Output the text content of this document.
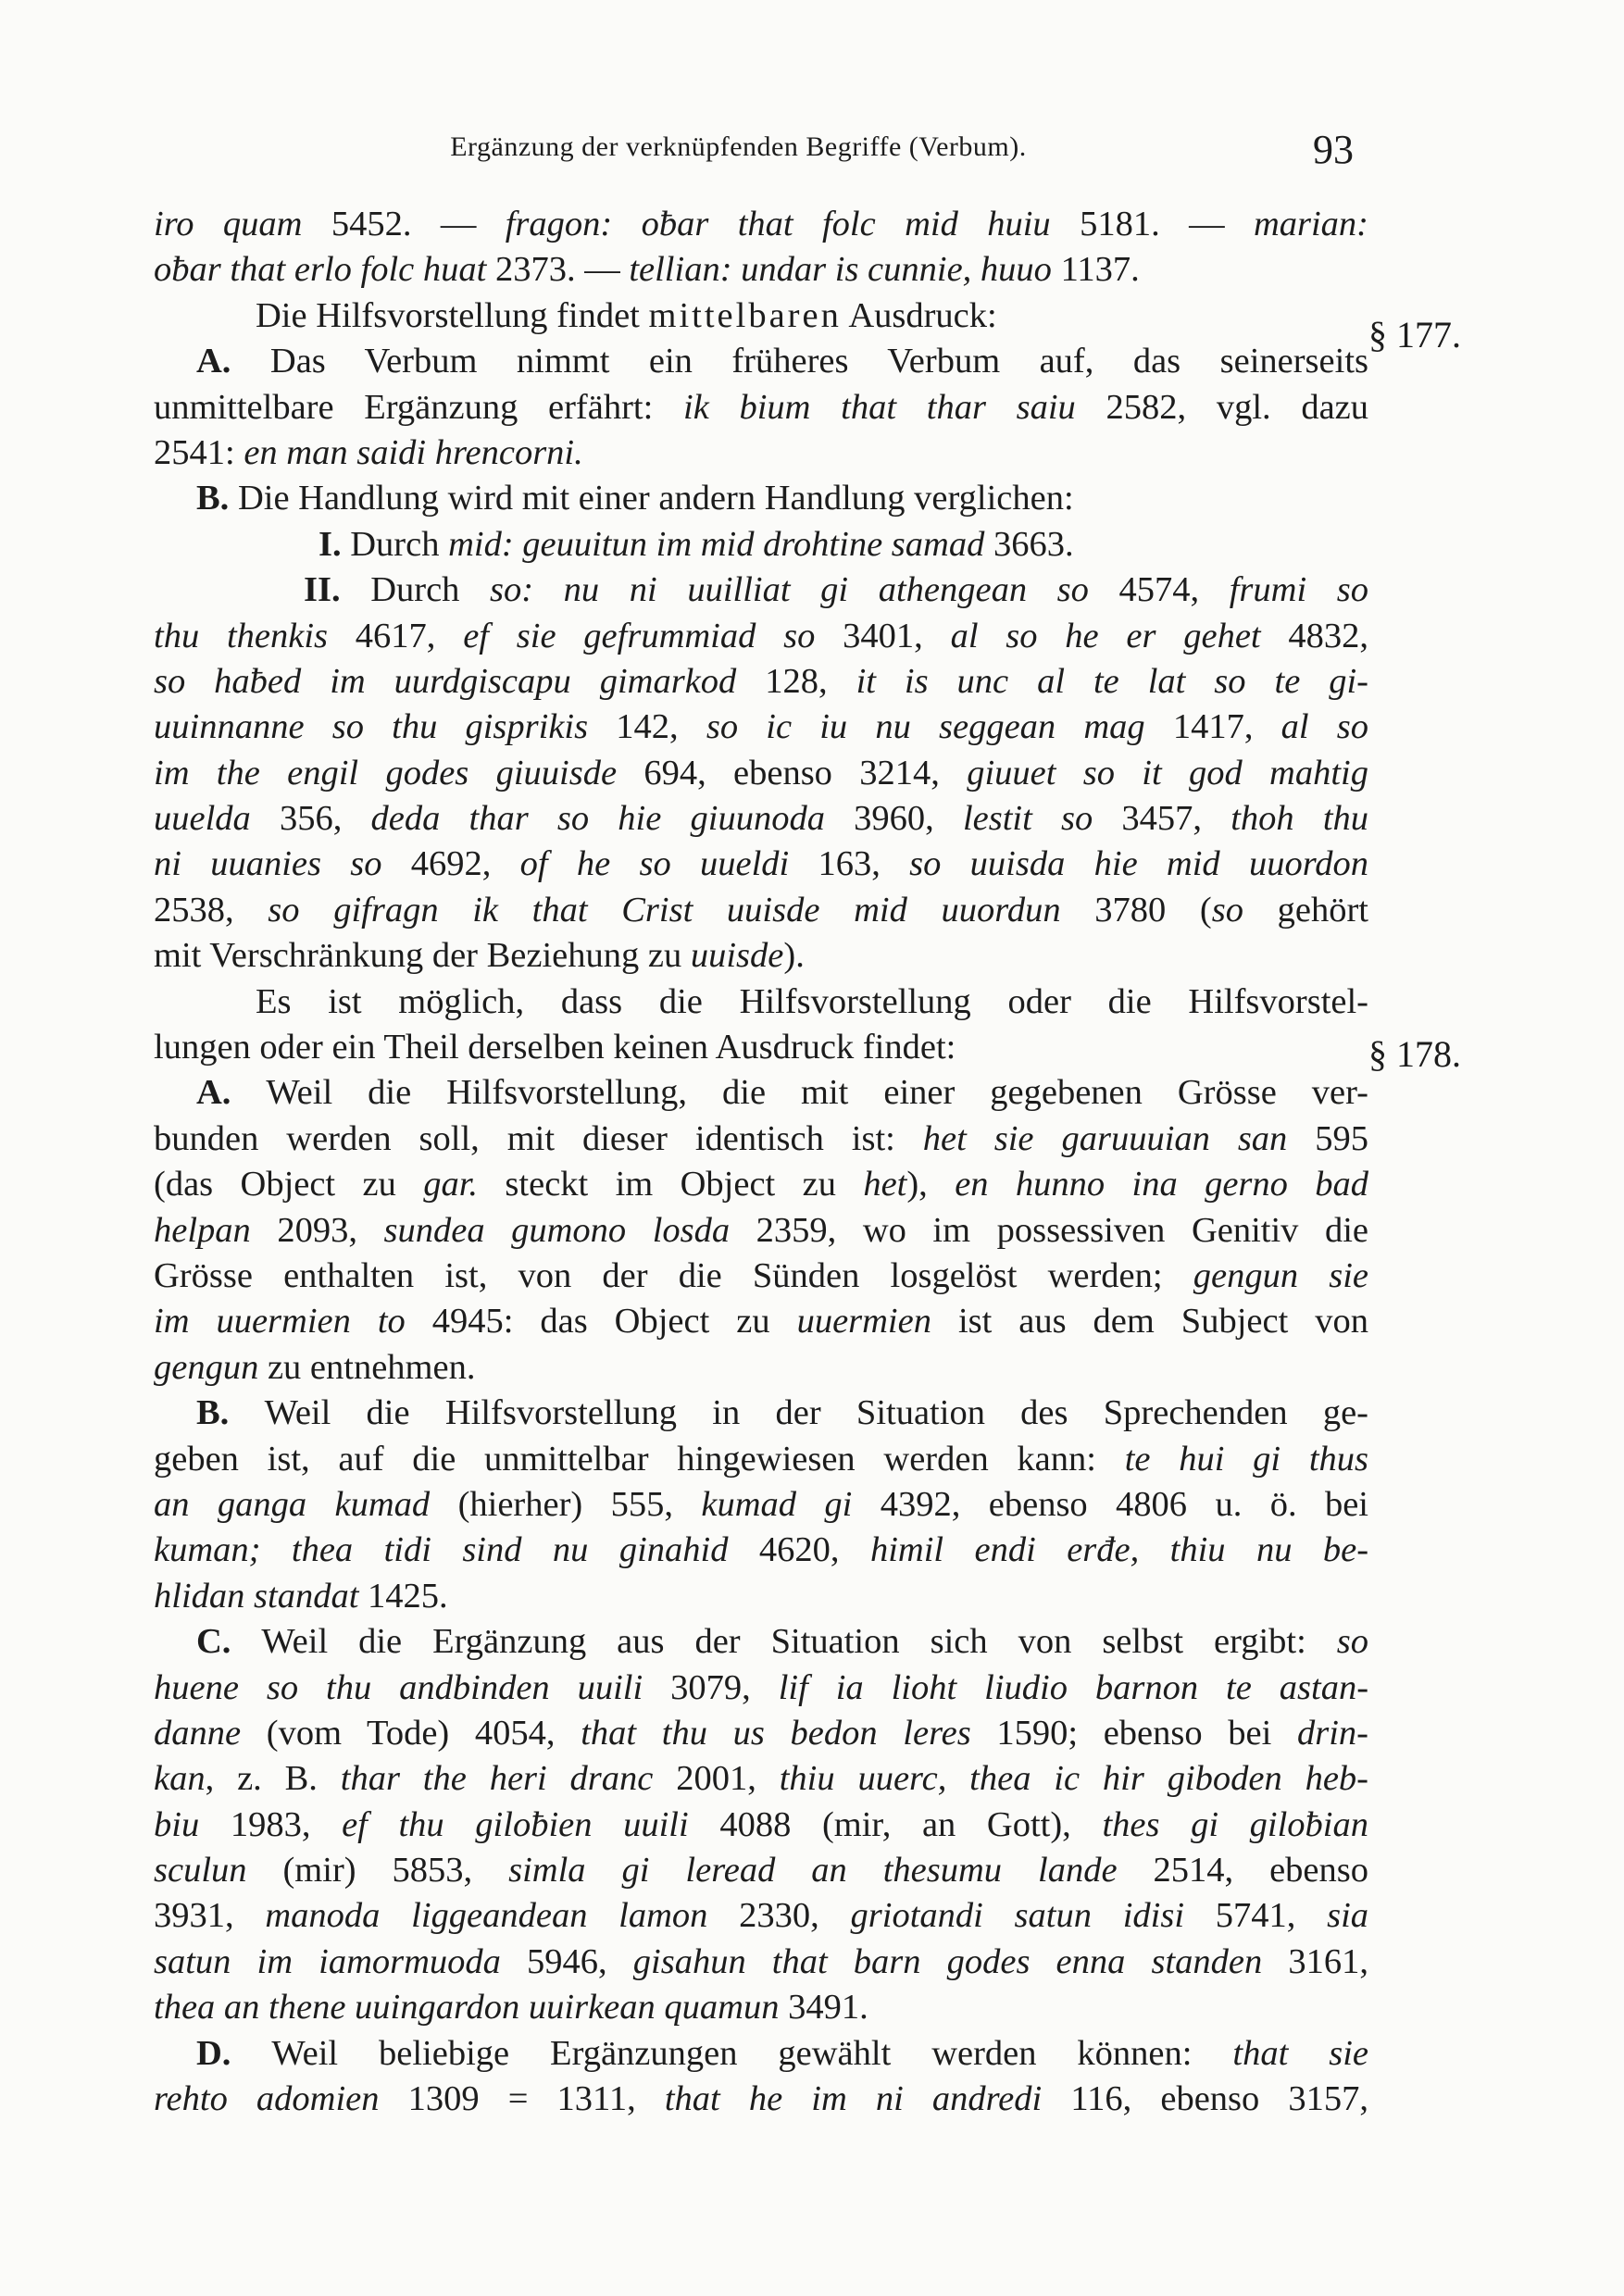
Ergänzung der verknüpfenden Begriffe (Verbum).	93
§ 177.
§ 178.
iro quam 5452. — fragon: oƀar that folc mid huiu 5181. — marian:
oƀar that erlo folc huat 2373. — tellian: undar is cunnie, huuo 1137.
Die Hilfsvorstellung findet mittelbaren Ausdruck:
A. Das Verbum nimmt ein früheres Verbum auf, das seinerseits
unmittelbare Ergänzung erfährt: ik bium that thar saiu 2582, vgl. dazu
2541: en man saidi hrencorni.
B. Die Handlung wird mit einer andern Handlung verglichen:
I. Durch mid: geuuitun im mid drohtine samad 3663.
II. Durch so: nu ni uuilliat gi athengean so 4574, frumi so
thu thenkis 4617, ef sie gefrummiad so 3401, al so he er gehet 4832,
so haƀed im uurdgiscapu gimarkod 128, it is unc al te lat so te gi-
uuinnanne so thu gisprikis 142, so ic iu nu seggean mag 1417, al so
im the engil godes giuuisde 694, ebenso 3214, giuuet so it god mahtig
uuelda 356, deda thar so hie giuunoda 3960, lestit so 3457, thoh thu
ni uuanies so 4692, of he so uueldi 163, so uuisda hie mid uuordon
2538, so gifragn ik that Crist uuisde mid uuordun 3780 (so gehört
mit Verschränkung der Beziehung zu uuisde).
Es ist möglich, dass die Hilfsvorstellung oder die Hilfsvorstel-
lungen oder ein Theil derselben keinen Ausdruck findet:
A. Weil die Hilfsvorstellung, die mit einer gegebenen Grösse ver-
bunden werden soll, mit dieser identisch ist: het sie garuuuian san 595
(das Object zu gar. steckt im Object zu het), en hunno ina gerno bad
helpan 2093, sundea gumono losda 2359, wo im possessiven Genitiv die
Grösse enthalten ist, von der die Sünden losgelöst werden; gengun sie
im uuermien to 4945: das Object zu uuermien ist aus dem Subject von
gengun zu entnehmen.
B. Weil die Hilfsvorstellung in der Situation des Sprechenden ge-
geben ist, auf die unmittelbar hingewiesen werden kann: te hui gi thus
an ganga kumad (hierher) 555, kumad gi 4392, ebenso 4806 u. ö. bei
kuman; thea tidi sind nu ginahid 4620, himil endi erđe, thiu nu be-
hlidan standat 1425.
C. Weil die Ergänzung aus der Situation sich von selbst ergibt: so
huene so thu andbinden uuili 3079, lif ia lioht liudio barnon te astan-
danne (vom Tode) 4054, that thu us bedon leres 1590; ebenso bei drin-
kan, z. B. thar the heri dranc 2001, thiu uuerc, thea ic hir giboden heb-
biu 1983, ef thu giloƀien uuili 4088 (mir, an Gott), thes gi giloƀian
sculun (mir) 5853, simla gi leread an thesumu lande 2514, ebenso
3931, manoda liggeandean lamon 2330, griotandi satun idisi 5741, sia
satun im iamormuoda 5946, gisahun that barn godes enna standen 3161,
thea an thene uuingardon uuirkean quamun 3491.
D. Weil beliebige Ergänzungen gewählt werden können: that sie
rehto adomien 1309 = 1311, that he im ni andredi 116, ebenso 3157,
